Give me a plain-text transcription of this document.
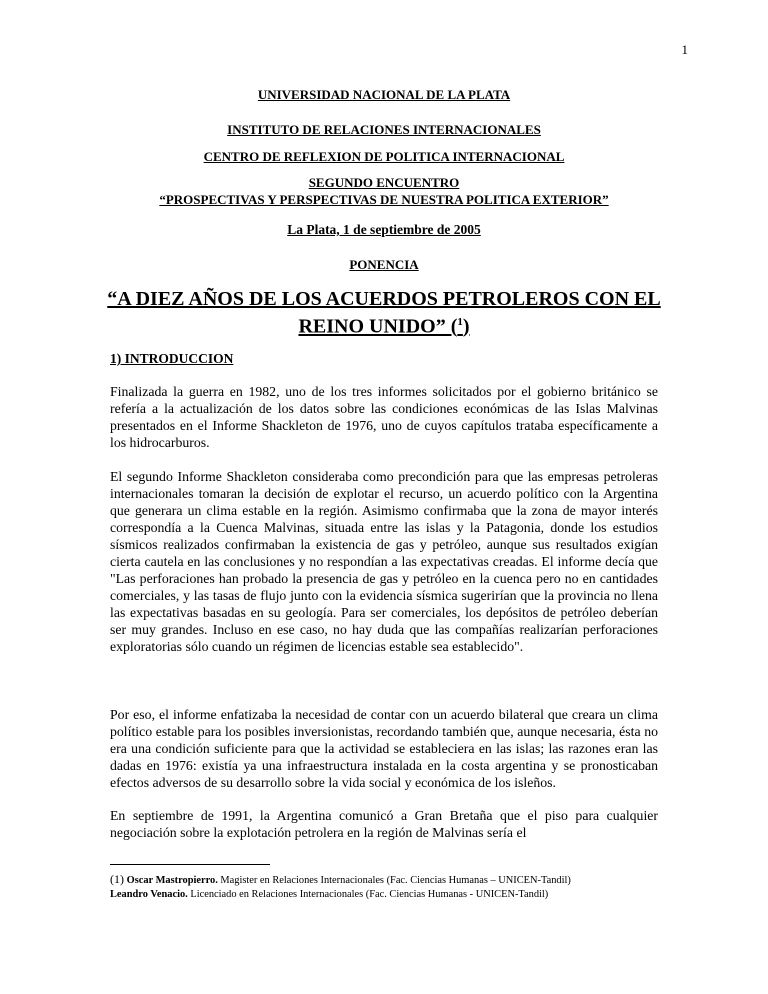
1

UNIVERSIDAD NACIONAL DE LA PLATA

INSTITUTO DE RELACIONES INTERNACIONALES

CENTRO DE REFLEXION DE POLITICA INTERNACIONAL

SEGUNDO ENCUENTRO

“PROSPECTIVAS Y PERSPECTIVAS DE NUESTRA POLITICA EXTERIOR”

La Plata, 1 de septiembre de 2005

PONENCIA

“A DIEZ AÑOS DE LOS ACUERDOS PETROLEROS CON EL REINO UNIDO” ($^1$)
1) INTRODUCCION

Finalizada la guerra en 1982, uno de los tres informes solicitados por el gobierno británico se refería a la actualización de los datos sobre las condiciones económicas de las Islas Malvinas presentados en el Informe Shackleton de 1976, uno de cuyos capítulos trataba específicamente a los hidrocarburos.

El segundo Informe Shackleton consideraba como precondición para que las empresas petroleras internacionales tomaran la decisión de explotar el recurso, un acuerdo político con la Argentina que generara un clima estable en la región. Asimismo confirmaba que la zona de mayor interés correspondía a la Cuenca Malvinas, situada entre las islas y la Patagonia, donde los estudios sísmicos realizados confirmaban la existencia de gas y petróleo, aunque sus resultados exigían cierta cautela en las conclusiones y no respondían a las expectativas creadas. El informe decía que "Las perforaciones han probado la presencia de gas y petróleo en la cuenca pero no en cantidades comerciales, y las tasas de flujo junto con la evidencia sísmica sugerirían que la provincia no llena las expectativas basadas en su geología. Para ser comerciales, los depósitos de petróleo deberían ser muy grandes. Incluso en ese caso, no hay duda que las compañías realizarían perforaciones exploratorias sólo cuando un régimen de licencias estable sea establecido".

Por eso, el informe enfatizaba la necesidad de contar con un acuerdo bilateral que creara un clima político estable para los posibles inversionistas, recordando también que, aunque necesaria, ésta no era una condición suficiente para que la actividad se estableciera en las islas; las razones eran las dadas en 1976: existía ya una infraestructura instalada en la costa argentina y se pronosticaban efectos adversos de su desarrollo sobre la vida social y económica de los isleños.

En septiembre de 1991, la Argentina comunicó a Gran Bretaña que el piso para cualquier negociación sobre la explotación petrolera en la región de Malvinas sería el

(1) Oscar Mastropierro. Magister en Relaciones Internacionales (Fac. Ciencias Humanas – UNICEN-Tandil)
Leandro Venacio. Licenciado en Relaciones Internacionales (Fac. Ciencias Humanas - UNICEN-Tandil)
